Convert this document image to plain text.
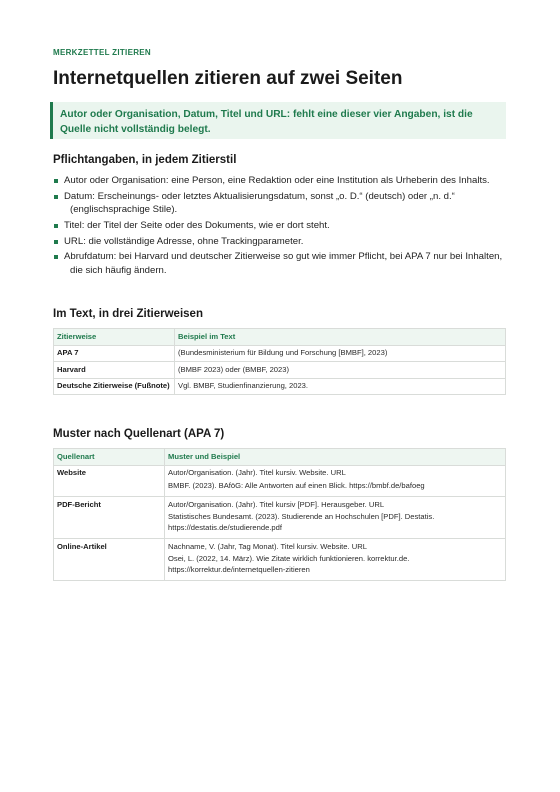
MERKZETTEL ZITIEREN
Internetquellen zitieren auf zwei Seiten
Autor oder Organisation, Datum, Titel und URL: fehlt eine dieser vier Angaben, ist die Quelle nicht vollständig belegt.
Pflichtangaben, in jedem Zitierstil
Autor oder Organisation: eine Person, eine Redaktion oder eine Institution als Urheberin des Inhalts.
Datum: Erscheinungs- oder letztes Aktualisierungsdatum, sonst „o. D.“ (deutsch) oder „n. d.“ (englischsprachige Stile).
Titel: der Titel der Seite oder des Dokuments, wie er dort steht.
URL: die vollständige Adresse, ohne Trackingparameter.
Abrufdatum: bei Harvard und deutscher Zitierweise so gut wie immer Pflicht, bei APA 7 nur bei Inhalten, die sich häufig ändern.
Im Text, in drei Zitierweisen
Zitierweise	Beispiel im Text
APA 7	(Bundesministerium für Bildung und Forschung [BMBF], 2023)
Harvard	(BMBF 2023) oder (BMBF, 2023)
Deutsche Zitierweise (Fußnote)	Vgl. BMBF, Studienfinanzierung, 2023.
Muster nach Quellenart (APA 7)
Quellenart	Muster und Beispiel
Website	Autor/Organisation. (Jahr). Titel kursiv. Website. URL
BMBF. (2023). BAföG: Alle Antworten auf einen Blick. https://bmbf.de/bafoeg

PDF-Bericht	Autor/Organisation. (Jahr). Titel kursiv [PDF]. Herausgeber. URL
Statistisches Bundesamt. (2023). Studierende an Hochschulen [PDF]. Destatis. https://destatis.de/studierende.pdf

Online-Artikel	Nachname, V. (Jahr, Tag Monat). Titel kursiv. Website. URL
Osei, L. (2022, 14. März). Wie Zitate wirklich funktionieren. korrektur.de. https://korrektur.de/internetquellen-zitieren
